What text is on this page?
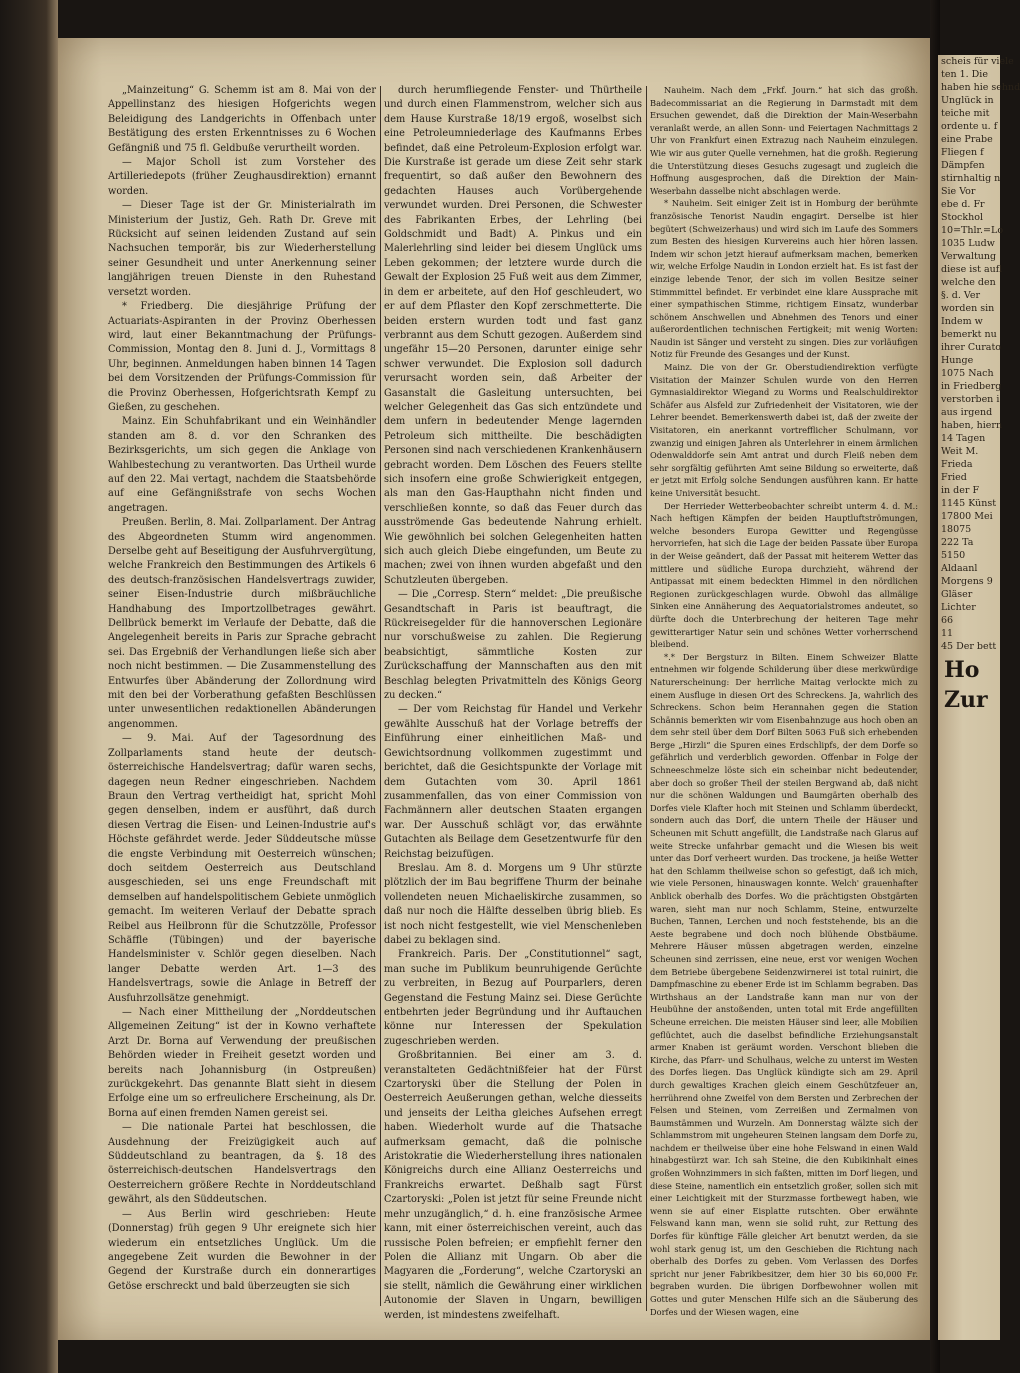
scheis für viele
ten 1. Die
haben hie sehnd
Unglück in
teiche mit
ordente u. f
eine Prabe
Fliegen f
Dämpfen
stirnhaltig n
Sie Vor
ebe d. Fr
Stockhol
10=Thlr.=Lo
1035 Ludw
Verwaltung
diese ist aufl
welche den
§. d. Ver
worden sin
Indem w
bemerkt nu
ihrer Curato
Hunge
1075 Nach
in Friedberg
verstorben i
aus irgend
haben, hiern
14 Tagen
Weit M.
Frieda
Fried
in der F
1145 Künst
17800 Mei
18075
222 Ta
5150
Aldaanl
Morgens 9
Gläser
Lichter
66
11
45 Der bett
Ho
Zur

„Mainzeitung“ G. Schemm ist am 8. Mai von der Appellinstanz des hiesigen Hofgerichts wegen Beleidigung des Landgerichts in Offenbach unter Bestätigung des ersten Erkenntnisses zu 6 Wochen Gefängniß und 75 fl. Geldbuße verurtheilt worden.

— Major Scholl ist zum Vorsteher des Artilleriedepots (früher Zeughausdirektion) ernannt worden.

— Dieser Tage ist der Gr. Ministerialrath im Ministerium der Justiz, Geh. Rath Dr. Greve mit Rücksicht auf seinen leidenden Zustand auf sein Nachsuchen temporär, bis zur Wiederherstellung seiner Gesundheit und unter Anerkennung seiner langjährigen treuen Dienste in den Ruhestand versetzt worden.

* Friedberg. Die diesjährige Prüfung der Actuariats-Aspiranten in der Provinz Oberhessen wird, laut einer Bekanntmachung der Prüfungs-Commission, Montag den 8. Juni d. J., Vormittags 8 Uhr, beginnen. Anmeldungen haben binnen 14 Tagen bei dem Vorsitzenden der Prüfungs-Commission für die Provinz Oberhessen, Hofgerichtsrath Kempf zu Gießen, zu geschehen.

Mainz. Ein Schuhfabrikant und ein Weinhändler standen am 8. d. vor den Schranken des Bezirksgerichts, um sich gegen die Anklage von Wahlbestechung zu verantworten. Das Urtheil wurde auf den 22. Mai vertagt, nachdem die Staatsbehörde auf eine Gefängnißstrafe von sechs Wochen angetragen.

Preußen. Berlin, 8. Mai. Zollparlament. Der Antrag des Abgeordneten Stumm wird angenommen. Derselbe geht auf Beseitigung der Ausfuhrvergütung, welche Frankreich den Bestimmungen des Artikels 6 des deutsch-französischen Handelsvertrags zuwider, seiner Eisen-Industrie durch mißbräuchliche Handhabung des Importzollbetrages gewährt. Dellbrück bemerkt im Verlaufe der Debatte, daß die Angelegenheit bereits in Paris zur Sprache gebracht sei. Das Ergebniß der Verhandlungen ließe sich aber noch nicht bestimmen. — Die Zusammenstellung des Entwurfes über Abänderung der Zollordnung wird mit den bei der Vorberathung gefaßten Beschlüssen unter unwesentlichen redaktionellen Abänderungen angenommen.

— 9. Mai. Auf der Tagesordnung des Zollparlaments stand heute der deutsch-österreichische Handelsvertrag; dafür waren sechs, dagegen neun Redner eingeschrieben. Nachdem Braun den Vertrag vertheidigt hat, spricht Mohl gegen denselben, indem er ausführt, daß durch diesen Vertrag die Eisen- und Leinen-Industrie auf's Höchste gefährdet werde. Jeder Süddeutsche müsse die engste Verbindung mit Oesterreich wünschen; doch seitdem Oesterreich aus Deutschland ausgeschieden, sei uns enge Freundschaft mit demselben auf handelspolitischem Gebiete unmöglich gemacht. Im weiteren Verlauf der Debatte sprach Reibel aus Heilbronn für die Schutzzölle, Professor Schäffle (Tübingen) und der bayerische Handelsminister v. Schlör gegen dieselben. Nach langer Debatte werden Art. 1—3 des Handelsvertrags, sowie die Anlage in Betreff der Ausfuhrzollsätze genehmigt.

— Nach einer Mittheilung der „Norddeutschen Allgemeinen Zeitung“ ist der in Kowno verhaftete Arzt Dr. Borna auf Verwendung der preußischen Behörden wieder in Freiheit gesetzt worden und bereits nach Johannisburg (in Ostpreußen) zurückgekehrt. Das genannte Blatt sieht in diesem Erfolge eine um so erfreulichere Erscheinung, als Dr. Borna auf einen fremden Namen gereist sei.

— Die nationale Partei hat beschlossen, die Ausdehnung der Freizügigkeit auch auf Süddeutschland zu beantragen, da §. 18 des österreichisch-deutschen Handelsvertrags den Oesterreichern größere Rechte in Norddeutschland gewährt, als den Süddeutschen.

— Aus Berlin wird geschrieben: Heute (Donnerstag) früh gegen 9 Uhr ereignete sich hier wiederum ein entsetzliches Unglück. Um die angegebene Zeit wurden die Bewohner in der Gegend der Kurstraße durch ein donnerartiges Getöse erschreckt und bald überzeugten sie sich

durch herumfliegende Fenster- und Thürtheile und durch einen Flammenstrom, welcher sich aus dem Hause Kurstraße 18/19 ergoß, woselbst sich eine Petroleumniederlage des Kaufmanns Erbes befindet, daß eine Petroleum-Explosion erfolgt war. Die Kurstraße ist gerade um diese Zeit sehr stark frequentirt, so daß außer den Bewohnern des gedachten Hauses auch Vorübergehende verwundet wurden. Drei Personen, die Schwester des Fabrikanten Erbes, der Lehrling (bei Goldschmidt und Badt) A. Pinkus und ein Malerlehrling sind leider bei diesem Unglück ums Leben gekommen; der letztere wurde durch die Gewalt der Explosion 25 Fuß weit aus dem Zimmer, in dem er arbeitete, auf den Hof geschleudert, wo er auf dem Pflaster den Kopf zerschmetterte. Die beiden erstern wurden todt und fast ganz verbrannt aus dem Schutt gezogen. Außerdem sind ungefähr 15—20 Personen, darunter einige sehr schwer verwundet. Die Explosion soll dadurch verursacht worden sein, daß Arbeiter der Gasanstalt die Gasleitung untersuchten, bei welcher Gelegenheit das Gas sich entzündete und dem unfern in bedeutender Menge lagernden Petroleum sich mittheilte. Die beschädigten Personen sind nach verschiedenen Krankenhäusern gebracht worden. Dem Löschen des Feuers stellte sich insofern eine große Schwierigkeit entgegen, als man den Gas-Haupthahn nicht finden und verschließen konnte, so daß das Feuer durch das ausströmende Gas bedeutende Nahrung erhielt. Wie gewöhnlich bei solchen Gelegenheiten hatten sich auch gleich Diebe eingefunden, um Beute zu machen; zwei von ihnen wurden abgefaßt und den Schutzleuten übergeben.

— Die „Corresp. Stern“ meldet: „Die preußische Gesandtschaft in Paris ist beauftragt, die Rückreisegelder für die hannoverschen Legionäre nur vorschußweise zu zahlen. Die Regierung beabsichtigt, sämmtliche Kosten zur Zurückschaffung der Mannschaften aus den mit Beschlag belegten Privatmitteln des Königs Georg zu decken.“

— Der vom Reichstag für Handel und Verkehr gewählte Ausschuß hat der Vorlage betreffs der Einführung einer einheitlichen Maß- und Gewichtsordnung vollkommen zugestimmt und berichtet, daß die Gesichtspunkte der Vorlage mit dem Gutachten vom 30. April 1861 zusammenfallen, das von einer Commission von Fachmännern aller deutschen Staaten ergangen war. Der Ausschuß schlägt vor, das erwähnte Gutachten als Beilage dem Gesetzentwurfe für den Reichstag beizufügen.

Breslau. Am 8. d. Morgens um 9 Uhr stürzte plötzlich der im Bau begriffene Thurm der beinahe vollendeten neuen Michaeliskirche zusammen, so daß nur noch die Hälfte desselben übrig blieb. Es ist noch nicht festgestellt, wie viel Menschenleben dabei zu beklagen sind.

Frankreich. Paris. Der „Constitutionnel“ sagt, man suche im Publikum beunruhigende Gerüchte zu verbreiten, in Bezug auf Pourparlers, deren Gegenstand die Festung Mainz sei. Diese Gerüchte entbehrten jeder Begründung und ihr Auftauchen könne nur Interessen der Spekulation zugeschrieben werden.

Großbritannien. Bei einer am 3. d. veranstalteten Gedächtnißfeier hat der Fürst Czartoryski über die Stellung der Polen in Oesterreich Aeußerungen gethan, welche diesseits und jenseits der Leitha gleiches Aufsehen erregt haben. Wiederholt wurde auf die Thatsache aufmerksam gemacht, daß die polnische Aristokratie die Wiederherstellung ihres nationalen Königreichs durch eine Allianz Oesterreichs und Frankreichs erwartet. Deßhalb sagt Fürst Czartoryski: „Polen ist jetzt für seine Freunde nicht mehr unzugänglich,“ d. h. eine französische Armee kann, mit einer österreichischen vereint, auch das russische Polen befreien; er empfiehlt ferner den Polen die Allianz mit Ungarn. Ob aber die Magyaren die „Forderung“, welche Czartoryski an sie stellt, nämlich die Gewährung einer wirklichen Autonomie der Slaven in Ungarn, bewilligen werden, ist mindestens zweifelhaft.

Nauheim. Nach dem „Frkf. Journ.“ hat sich das großh. Badecommissariat an die Regierung in Darmstadt mit dem Ersuchen gewendet, daß die Direktion der Main-Weserbahn veranlaßt werde, an allen Sonn- und Feiertagen Nachmittags 2 Uhr von Frankfurt einen Extrazug nach Nauheim einzulegen. Wie wir aus guter Quelle vernehmen, hat die großh. Regierung die Unterstützung dieses Gesuchs zugesagt und zugleich die Hoffnung ausgesprochen, daß die Direktion der Main-Weserbahn dasselbe nicht abschlagen werde.

* Nauheim. Seit einiger Zeit ist in Homburg der berühmte französische Tenorist Naudin engagirt. Derselbe ist hier begütert (Schweizerhaus) und wird sich im Laufe des Sommers zum Besten des hiesigen Kurvereins auch hier hören lassen. Indem wir schon jetzt hierauf aufmerksam machen, bemerken wir, welche Erfolge Naudin in London erzielt hat. Es ist fast der einzige lebende Tenor, der sich im vollen Besitze seiner Stimmmittel befindet. Er verbindet eine klare Aussprache mit einer sympathischen Stimme, richtigem Einsatz, wunderbar schönem Anschwellen und Abnehmen des Tenors und einer außerordentlichen technischen Fertigkeit; mit wenig Worten: Naudin ist Sänger und versteht zu singen. Dies zur vorläufigen Notiz für Freunde des Gesanges und der Kunst.

Mainz. Die von der Gr. Oberstudiendirektion verfügte Visitation der Mainzer Schulen wurde von den Herren Gymnasialdirektor Wiegand zu Worms und Realschuldirektor Schäfer aus Alsfeld zur Zufriedenheit der Visitatoren, wie der Lehrer beendet. Bemerkenswerth dabei ist, daß der zweite der Visitatoren, ein anerkannt vortrefflicher Schulmann, vor zwanzig und einigen Jahren als Unterlehrer in einem ärmlichen Odenwalddorfe sein Amt antrat und durch Fleiß neben dem sehr sorgfältig geführten Amt seine Bildung so erweiterte, daß er jetzt mit Erfolg solche Sendungen ausführen kann. Er hatte keine Universität besucht.

Der Herrieder Wetterbeobachter schreibt unterm 4. d. M.: Nach heftigen Kämpfen der beiden Hauptluftströmungen, welche besonders Europa Gewitter und Regengüsse hervorriefen, hat sich die Lage der beiden Passate über Europa in der Weise geändert, daß der Passat mit heiterem Wetter das mittlere und südliche Europa durchzieht, während der Antipassat mit einem bedeckten Himmel in den nördlichen Regionen zurückgeschlagen wurde. Obwohl das allmälige Sinken eine Annäherung des Aequatorialstromes andeutet, so dürfte doch die Unterbrechung der heiteren Tage mehr gewitterartiger Natur sein und schönes Wetter vorherrschend bleibend.

*.* Der Bergsturz in Bilten. Einem Schweizer Blatte entnehmen wir folgende Schilderung über diese merkwürdige Naturerscheinung: Der herrliche Maitag verlockte mich zu einem Ausfluge in diesen Ort des Schreckens. Ja, wahrlich des Schreckens. Schon beim Herannahen gegen die Station Schännis bemerkten wir vom Eisenbahnzuge aus hoch oben an dem sehr steil über dem Dorf Bilten 5063 Fuß sich erhebenden Berge „Hirzli“ die Spuren eines Erdschlipfs, der dem Dorfe so gefährlich und verderblich geworden. Offenbar in Folge der Schneeschmelze löste sich ein scheinbar nicht bedeutender, aber doch so großer Theil der steilen Bergwand ab, daß nicht nur die schönen Waldungen und Baumgärten oberhalb des Dorfes viele Klafter hoch mit Steinen und Schlamm überdeckt, sondern auch das Dorf, die untern Theile der Häuser und Scheunen mit Schutt angefüllt, die Landstraße nach Glarus auf weite Strecke unfahrbar gemacht und die Wiesen bis weit unter das Dorf verheert wurden. Das trockene, ja heiße Wetter hat den Schlamm theilweise schon so gefestigt, daß ich mich, wie viele Personen, hinauswagen konnte. Welch' grauenhafter Anblick oberhalb des Dorfes. Wo die prächtigsten Obstgärten waren, sieht man nur noch Schlamm, Steine, entwurzelte Buchen, Tannen, Lerchen und noch feststehende, bis an die Aeste begrabene und doch noch blühende Obstbäume. Mehrere Häuser müssen abgetragen werden, einzelne Scheunen sind zerrissen, eine neue, erst vor wenigen Wochen dem Betriebe übergebene Seidenzwirnerei ist total ruinirt, die Dampfmaschine zu ebener Erde ist im Schlamm begraben. Das Wirthshaus an der Landstraße kann man nur von der Heubühne der anstoßenden, unten total mit Erde angefüllten Scheune erreichen. Die meisten Häuser sind leer, alle Mobilien geflüchtet, auch die daselbst befindliche Erziehungsanstalt armer Knaben ist geräumt worden. Verschont blieben die Kirche, das Pfarr- und Schulhaus, welche zu unterst im Westen des Dorfes liegen. Das Unglück kündigte sich am 29. April durch gewaltiges Krachen gleich einem Geschützfeuer an, herrührend ohne Zweifel von dem Bersten und Zerbrechen der Felsen und Steinen, vom Zerreißen und Zermalmen von Baumstämmen und Wurzeln. Am Donnerstag wälzte sich der Schlammstrom mit ungeheuren Steinen langsam dem Dorfe zu, nachdem er theilweise über eine hohe Felswand in einen Wald hinabgestürzt war. Ich sah Steine, die den Kubikinhalt eines großen Wohnzimmers in sich faßten, mitten im Dorf liegen, und diese Steine, namentlich ein entsetzlich großer, sollen sich mit einer Leichtigkeit mit der Sturzmasse fortbewegt haben, wie wenn sie auf einer Eisplatte rutschten. Ober erwähnte Felswand kann man, wenn sie solid ruht, zur Rettung des Dorfes für künftige Fälle gleicher Art benutzt werden, da sie wohl stark genug ist, um den Geschieben die Richtung nach oberhalb des Dorfes zu geben. Vom Verlassen des Dorfes spricht nur jener Fabrikbesitzer, dem hier 30 bis 60,000 Fr. begraben wurden. Die übrigen Dorfbewohner wollen mit Gottes und guter Menschen Hilfe sich an die Säuberung des Dorfes und der Wiesen wagen, eine
